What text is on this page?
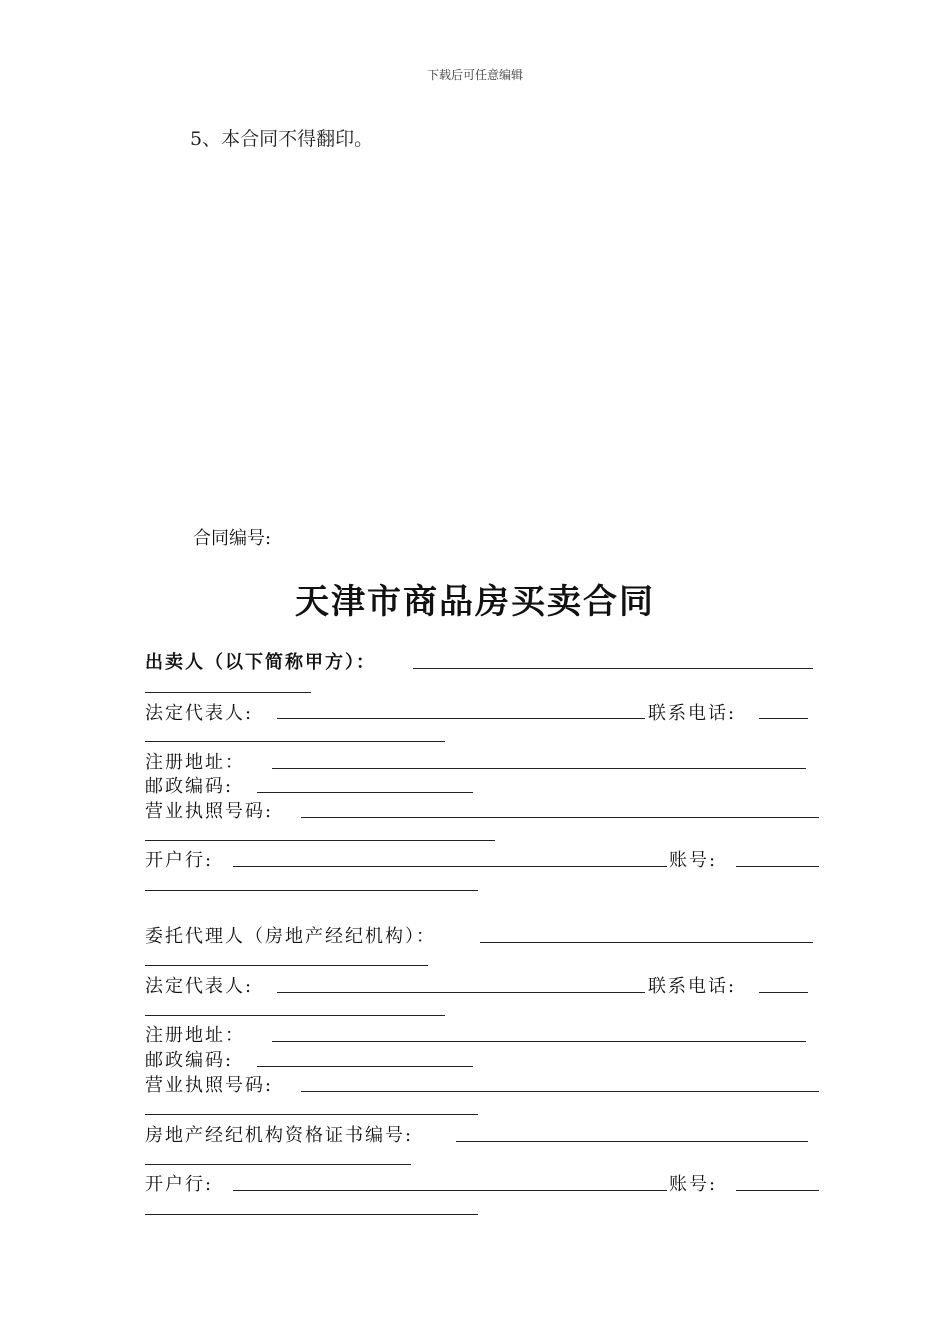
下载后可任意编辑
5、本合同不得翻印。
合同编号:
天津市商品房买卖合同
出卖人（以下简称甲方）：
法定代表人:	联系电话:
注册地址：
邮政编码:
营业执照号码:
开户行:	账号:
委托代理人（房地产经纪机构）：
法定代表人:	联系电话:
注册地址：
邮政编码:
营业执照号码:
房地产经纪机构资格证书编号:
开户行:	账号:
